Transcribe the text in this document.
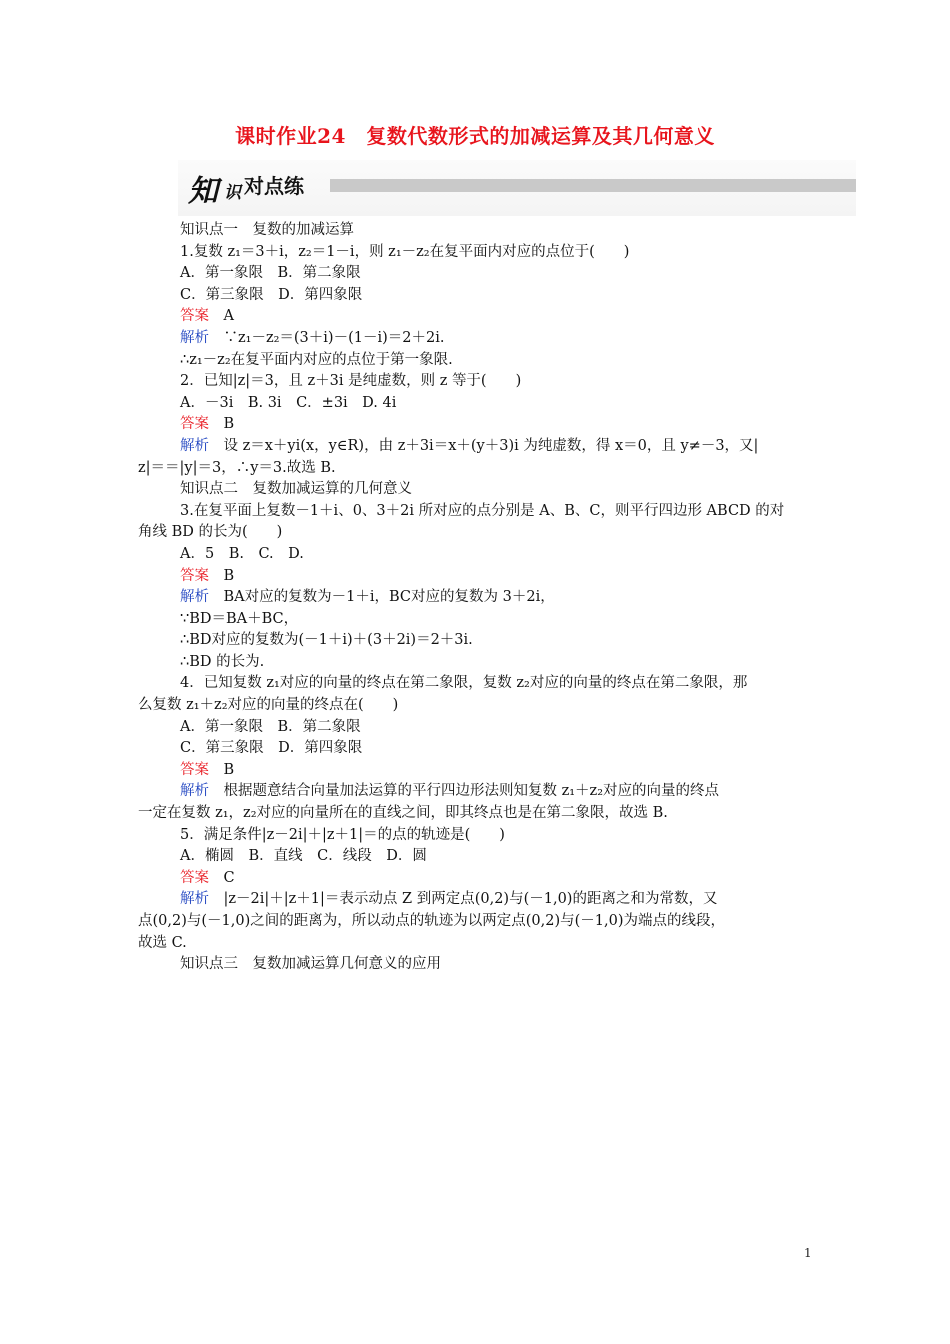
课时作业24　复数代数形式的加减运算及其几何意义
知 识 对点练

知识点一　复数的加减运算

1.复数 z₁＝3＋i，z₂＝1－i，则 z₁－z₂在复平面内对应的点位于(　　)

A．第一象限　B．第二象限

C．第三象限　D．第四象限

答案　 A

解析　 ∵z₁－z₂＝(3＋i)－(1－i)＝2＋2i.

∴z₁－z₂在复平面内对应的点位于第一象限.

2．已知|z|＝3，且 z＋3i 是纯虚数，则 z 等于(　　)

A．－3i　B. 3i　C．±3i　D. 4i

答案　 B

解析　 设 z＝x＋yi(x，y∈R)，由 z＋3i＝x＋(y＋3)i 为纯虚数，得 x＝0，且 y≠－3，又|

z|＝＝|y|＝3，∴y＝3.故选 B.

知识点二　复数加减运算的几何意义

3.在复平面上复数－1＋i、0、3＋2i 所对应的点分别是 A、B、C，则平行四边形 ABCD 的对

角线 BD 的长为(　　)

A．5　B.　C.　D.

答案　 B

解析　 BA对应的复数为－1＋i，BC对应的复数为 3＋2i，

∵BD＝BA＋BC，

∴BD对应的复数为(－1＋i)＋(3＋2i)＝2＋3i.

∴BD 的长为.

4．已知复数 z₁对应的向量的终点在第二象限，复数 z₂对应的向量的终点在第二象限，那

么复数 z₁＋z₂对应的向量的终点在(　　)

A．第一象限　B．第二象限

C．第三象限　D．第四象限

答案　 B

解析　 根据题意结合向量加法运算的平行四边形法则知复数 z₁＋z₂对应的向量的终点

一定在复数 z₁，z₂对应的向量所在的直线之间，即其终点也是在第二象限，故选 B.

5．满足条件|z－2i|＋|z＋1|＝的点的轨迹是(　　)

A．椭圆　B．直线　C．线段　D．圆

答案　 C

解析　 |z－2i|＋|z＋1|＝表示动点 Z 到两定点(0,2)与(－1,0)的距离之和为常数，又

点(0,2)与(－1,0)之间的距离为，所以动点的轨迹为以两定点(0,2)与(－1,0)为端点的线段，

故选 C.

知识点三　复数加减运算几何意义的应用

1
